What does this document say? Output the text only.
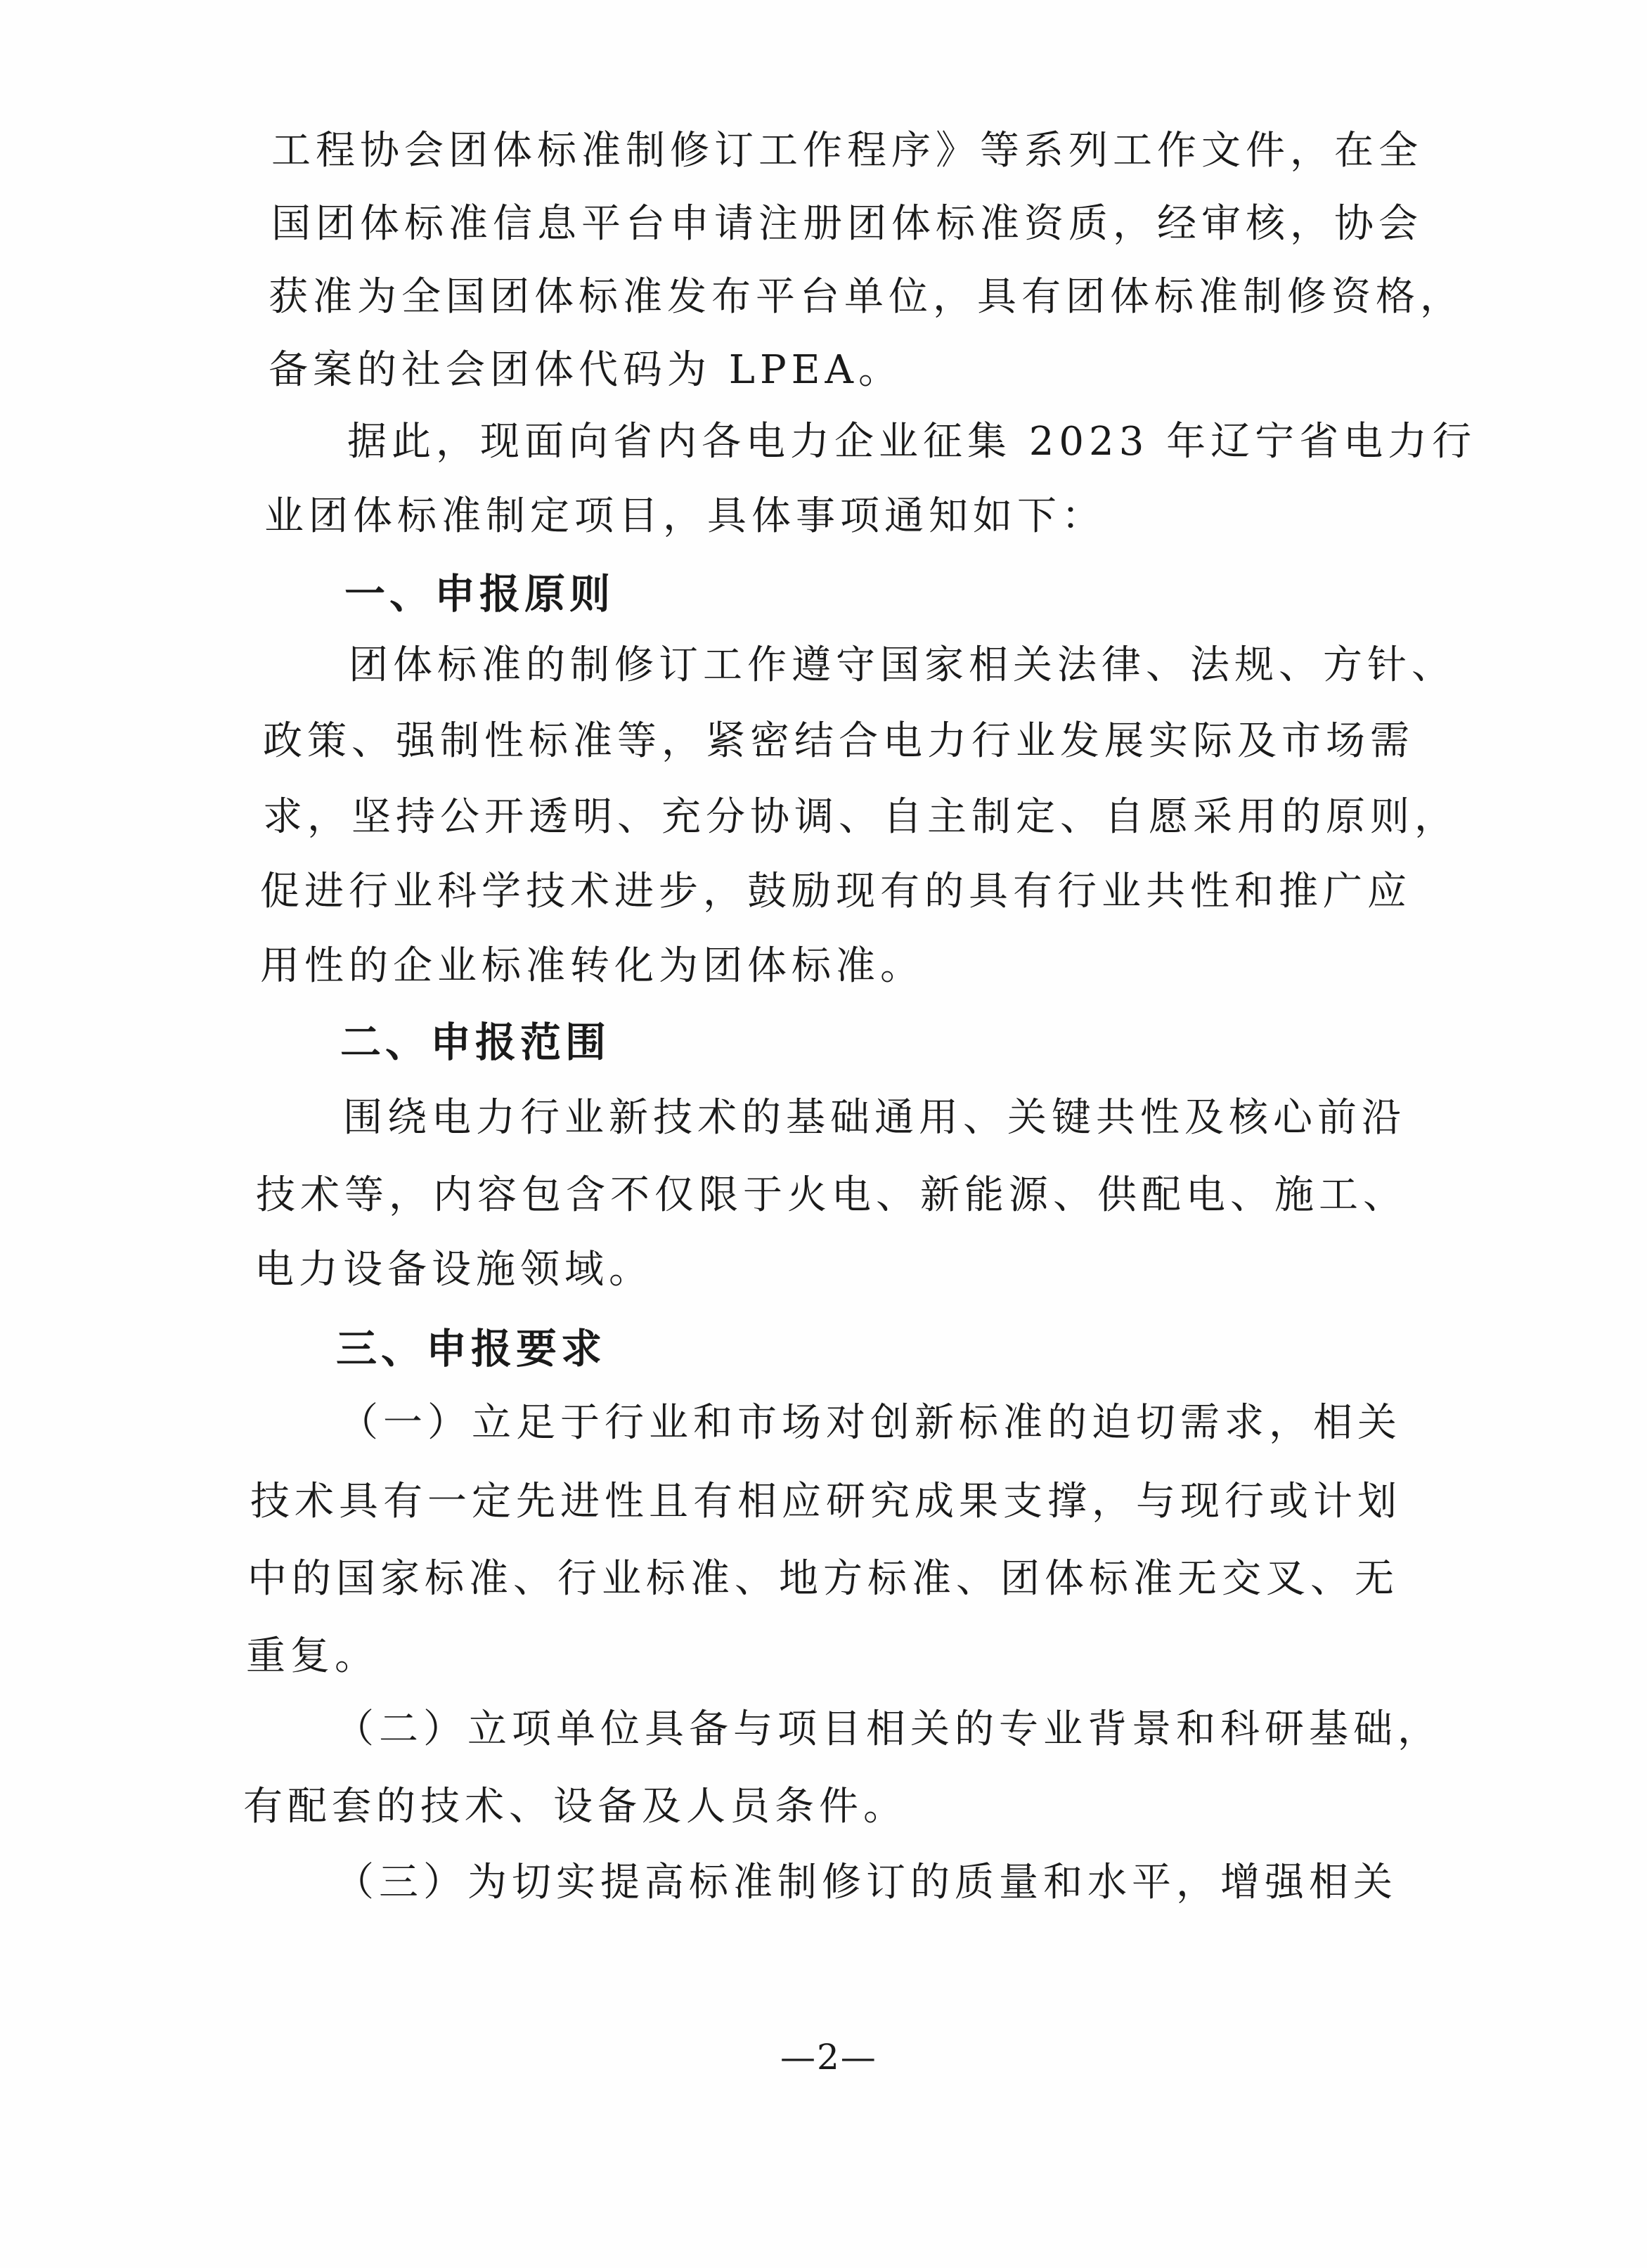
工程协会团体标准制修订工作程序》等系列工作文件，在全

国团体标准信息平台申请注册团体标准资质，经审核，协会

获准为全国团体标准发布平台单位，具有团体标准制修资格，

备案的社会团体代码为 LPEA。

据此，现面向省内各电力企业征集 2023 年辽宁省电力行

业团体标准制定项目，具体事项通知如下：

一、申报原则

团体标准的制修订工作遵守国家相关法律、法规、方针、

政策、强制性标准等，紧密结合电力行业发展实际及市场需

求，坚持公开透明、充分协调、自主制定、自愿采用的原则，

促进行业科学技术进步，鼓励现有的具有行业共性和推广应

用性的企业标准转化为团体标准。

二、申报范围

围绕电力行业新技术的基础通用、关键共性及核心前沿

技术等，内容包含不仅限于火电、新能源、供配电、施工、

电力设备设施领域。

三、申报要求

（一）立足于行业和市场对创新标准的迫切需求，相关

技术具有一定先进性且有相应研究成果支撑，与现行或计划

中的国家标准、行业标准、地方标准、团体标准无交叉、无

重复。

（二）立项单位具备与项目相关的专业背景和科研基础，

有配套的技术、设备及人员条件。

（三）为切实提高标准制修订的质量和水平，增强相关

—2—
